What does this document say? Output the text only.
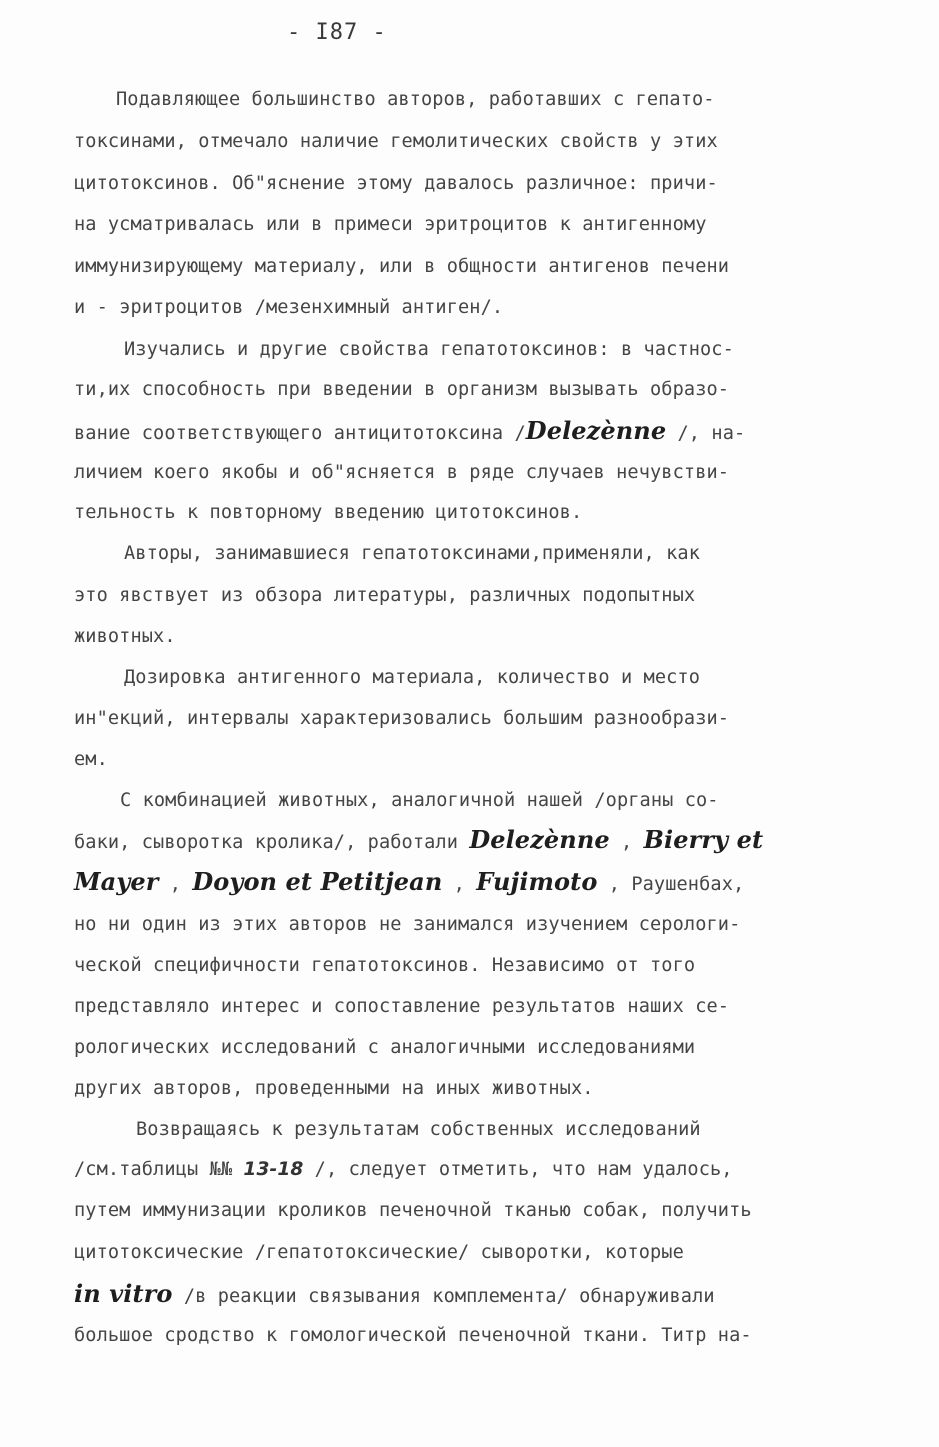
- I87 -
Подавляющее большинство авторов, работавших с гепато-
токсинами, отмечало наличие гемолитических свойств у этих
цитотоксинов. Об"яснение этому давалось различное: причи-
на усматривалась или в примеси эритроцитов к антигенному
иммунизирующему материалу, или в общности антигенов печени
и - эритроцитов /мезенхимный антиген/.
Изучались и другие свойства гепатотоксинов: в частнос-
ти,их способность при введении в организм вызывать образо-
вание соответствующего антицитотоксина /Delezènne /, на-
личием коего якобы и об"ясняется в ряде случаев нечувстви-
тельность к повторному введению цитотоксинов.
Авторы, занимавшиеся гепатотоксинами,применяли, как
это явствует из обзора литературы, различных подопытных
животных.
Дозировка антигенного материала, количество и место
ин"екций, интервалы характеризовались большим разнообрази-
ем.
С комбинацией животных, аналогичной нашей /органы со-
баки, сыворотка кролика/, работали Delezènne , Bierry et
Mayer , Doyon et Petitjean , Fujimoto , Раушенбах,
но ни один из этих авторов не занимался изучением серологи-
ческой специфичности гепатотоксинов. Независимо от того
представляло интерес и сопоставление результатов наших се-
рологических исследований с аналогичными исследованиями
других авторов, проведенными на иных животных.
Возвращаясь к результатам собственных исследований
/см.таблицы №№ 13-18 /, следует отметить, что нам удалось,
путем иммунизации кроликов печеночной тканью собак, получить
цитотоксические /гепатотоксические/ сыворотки, которые
in vitro /в реакции связывания комплемента/ обнаруживали
большое сродство к гомологической печеночной ткани. Титр на-
